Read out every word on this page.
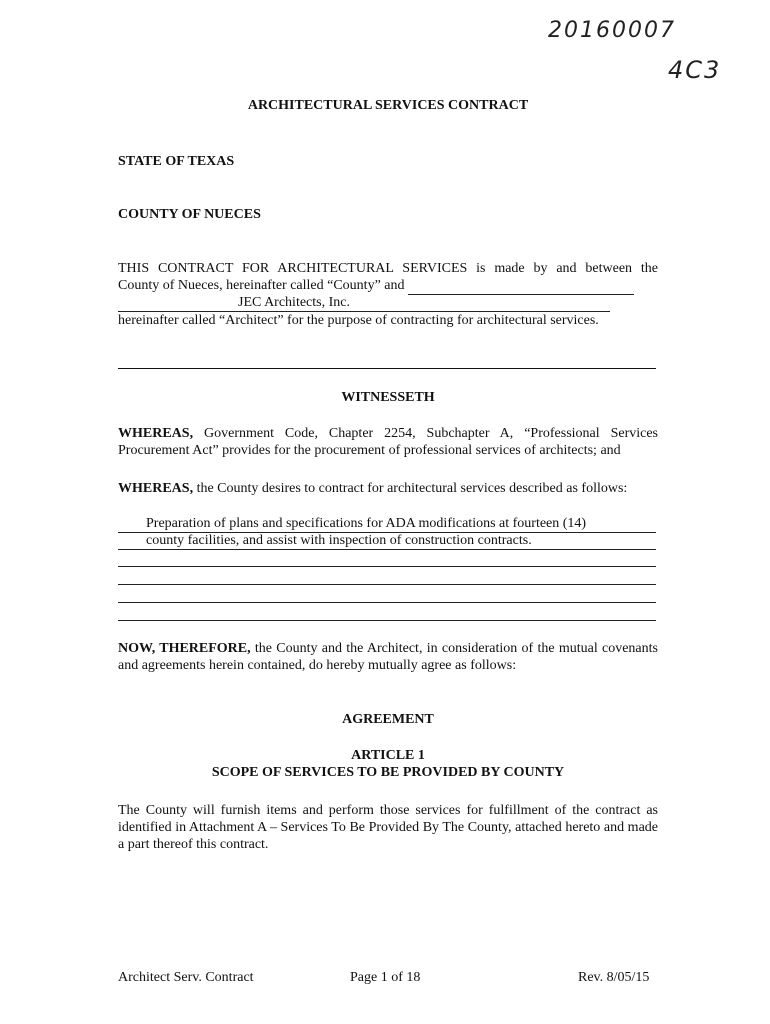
20160007
4C3
ARCHITECTURAL SERVICES CONTRACT
STATE OF TEXAS
COUNTY OF NUECES
THIS CONTRACT FOR ARCHITECTURAL SERVICES is made by and between the
County of Nueces, hereinafter called “County” and
JEC Architects, Inc.
hereinafter called “Architect” for the purpose of contracting for architectural services.
WITNESSETH
WHEREAS, Government Code, Chapter 2254, Subchapter A, “Professional Services Procurement Act” provides for the procurement of professional services of architects; and
WHEREAS, the County desires to contract for architectural services described as follows:
Preparation of plans and specifications for ADA modifications at fourteen (14)
county facilities, and assist with inspection of construction contracts.
NOW, THEREFORE, the County and the Architect, in consideration of the mutual covenants and agreements herein contained, do hereby mutually agree as follows:
AGREEMENT
ARTICLE 1
SCOPE OF SERVICES TO BE PROVIDED BY COUNTY
The County will furnish items and perform those services for fulfillment of the contract as identified in Attachment A – Services To Be Provided By The County, attached hereto and made a part thereof this contract.
Architect Serv. Contract	Page 1 of 18	Rev. 8/05/15
